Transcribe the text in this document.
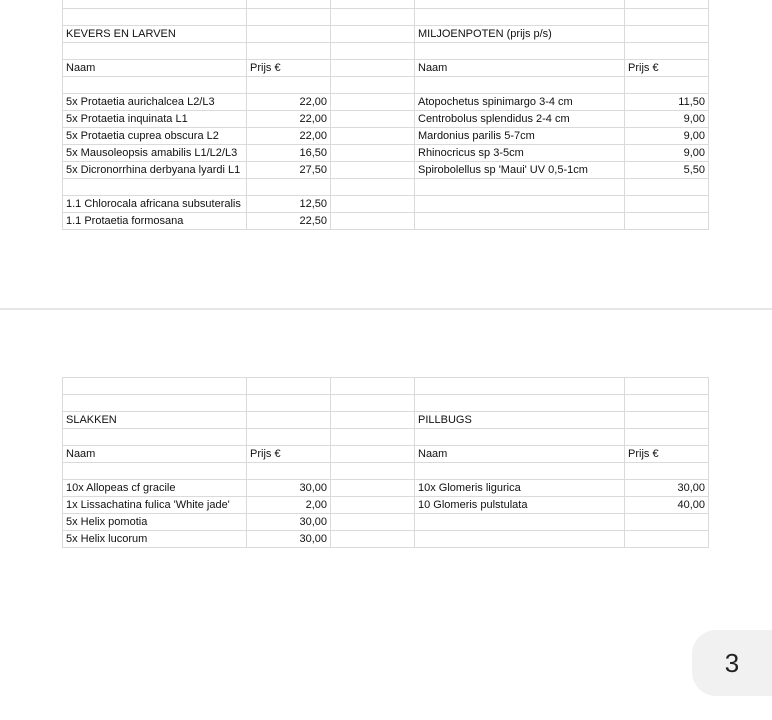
KEVERS EN LARVEN			MILJOENPOTEN (prijs p/s)	

Naam	Prijs €		Naam	Prijs €

5x Protaetia aurichalcea L2/L3	22,00		Atopochetus spinimargo 3-4 cm	11,50
5x Protaetia inquinata L1	22,00		Centrobolus splendidus 2-4 cm	9,00
5x Protaetia cuprea obscura L2	22,00		Mardonius parilis 5-7cm	9,00
5x Mausoleopsis amabilis L1/L2/L3	16,50		Rhinocricus sp 3-5cm	9,00
5x Dicronorrhina derbyana lyardi L1	27,50		Spirobolellus sp 'Maui' UV 0,5-1cm	5,50

1.1 Chlorocala africana subsuteralis	12,50			
1.1 Protaetia formosana	22,50			

SLAKKEN			PILLBUGS	

Naam	Prijs €		Naam	Prijs €

10x Allopeas cf gracile	30,00		10x Glomeris ligurica	30,00
1x Lissachatina fulica 'White jade'	2,00		10 Glomeris pulstulata	40,00
5x Helix pomotia	30,00			
5x Helix lucorum	30,00			
3
